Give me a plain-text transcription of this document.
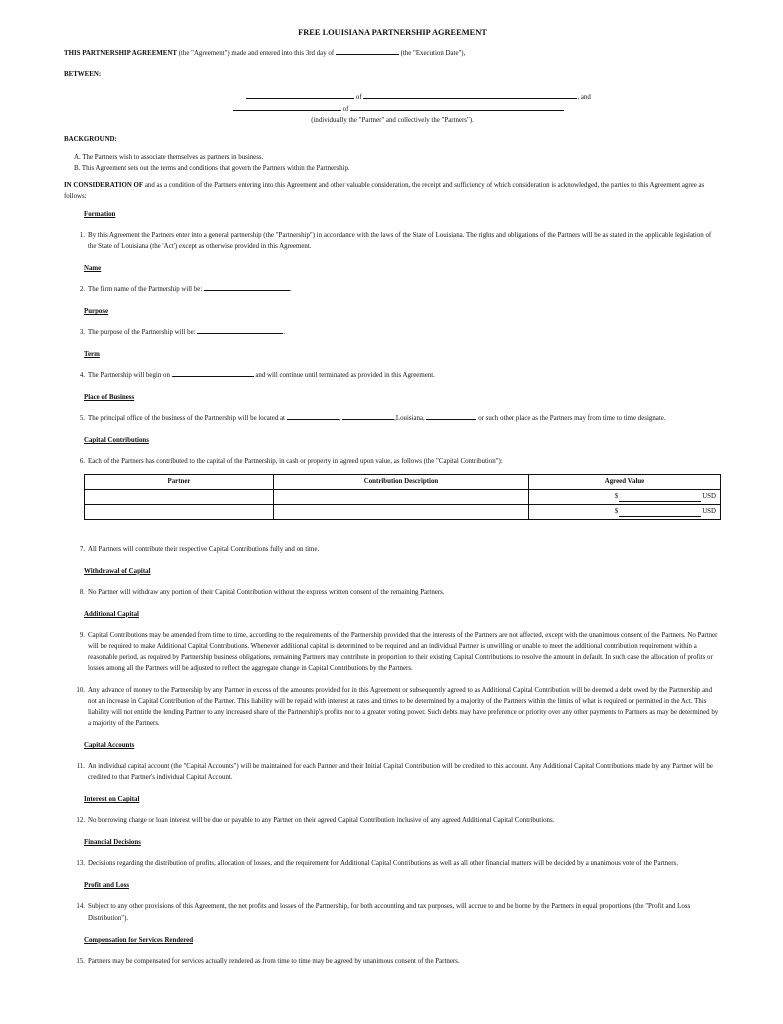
FREE LOUISIANA PARTNERSHIP AGREEMENT

THIS PARTNERSHIP AGREEMENT (the "Agreement") made and entered into this 3rd day of	(the "Execution Date"),

BETWEEN:

of	, and
of
(individually the "Partner" and collectively the "Partners").

BACKGROUND:

A. The Partners wish to associate themselves as partners in business.
B. This Agreement sets out the terms and conditions that govern the Partners within the Partnership.

IN CONSIDERATION OF and as a condition of the Partners entering into this Agreement and other valuable consideration, the receipt and sufficiency of which consideration is acknowledged, the parties to this Agreement agree as follows:

Formation
1. By this Agreement the Partners enter into a general partnership (the "Partnership") in accordance with the laws of the State of Louisiana. The rights and obligations of the Partners will be as stated in the applicable legislation of the State of Louisiana (the 'Act') except as otherwise provided in this Agreement.
Name
2. The firm name of the Partnership will be:	.
Purpose
3. The purpose of the Partnership will be:	.
Term
4. The Partnership will begin on	and will continue until terminated as provided in this Agreement.
Place of Business
5. The principal office of the business of the Partnership will be located at	,	,Louisiana,	or such other place as the Partners may from time to time designate.
Capital Contributions
6. Each of the Partners has contributed to the capital of the Partnership, in cash or property in agreed upon value, as follows (the "Capital Contribution"):
Partner	Contribution Description	Agreed Value

		$ USD

		$ USD
7. All Partners will contribute their respective Capital Contributions fully and on time.
Withdrawal of Capital
8. No Partner will withdraw any portion of their Capital Contribution without the express written consent of the remaining Partners.
Additional Capital
9. Capital Contributions may be amended from time to time, according to the requirements of the Partnership provided that the interests of the Partners are not affected, except with the unanimous consent of the Partners. No Partner will be required to make Additional Capital Contributions. Whenever additional capital is determined to be required and an individual Partner is unwilling or unable to meet the additional contribution requirement within a reasonable period, as required by Partnership business obligations, remaining Partners may contribute in proportion to their existing Capital Contributions to resolve the amount in default. In such case the allocation of profits or losses among all the Partners will be adjusted to reflect the aggregate change in Capital Contributions by the Partners.
10. Any advance of money to the Partnership by any Partner in excess of the amounts provided for in this Agreement or subsequently agreed to as Additional Capital Contribution will be deemed a debt owed by the Partnership and not an increase in Capital Contribution of the Partner. This liability will be repaid with interest at rates and times to be determined by a majority of the Partners within the limits of what is required or permitted in the Act. This liability will not entitle the lending Partner to any increased share of the Partnership's profits nor to a greater voting power. Such debts may have preference or priority over any other payments to Partners as may be determined by a majority of the Partners.
Capital Accounts
11. An individual capital account (the "Capital Accounts") will be maintained for each Partner and their Initial Capital Contribution will be credited to this account. Any Additional Capital Contributions made by any Partner will be credited to that Partner's individual Capital Account.
Interest on Capital
12. No borrowing charge or loan interest will be due or payable to any Partner on their agreed Capital Contribution inclusive of any agreed Additional Capital Contributions.
Financial Decisions
13. Decisions regarding the distribution of profits, allocation of losses, and the requirement for Additional Capital Contributions as well as all other financial matters will be decided by a unanimous vote of the Partners.
Profit and Loss
14. Subject to any other provisions of this Agreement, the net profits and losses of the Partnership, for both accounting and tax purposes, will accrue to and be borne by the Partners in equal proportions (the "Profit and Loss Distribution").
Compensation for Services Rendered
15. Partners may be compensated for services actually rendered as from time to time may be agreed by unanimous consent of the Partners.
